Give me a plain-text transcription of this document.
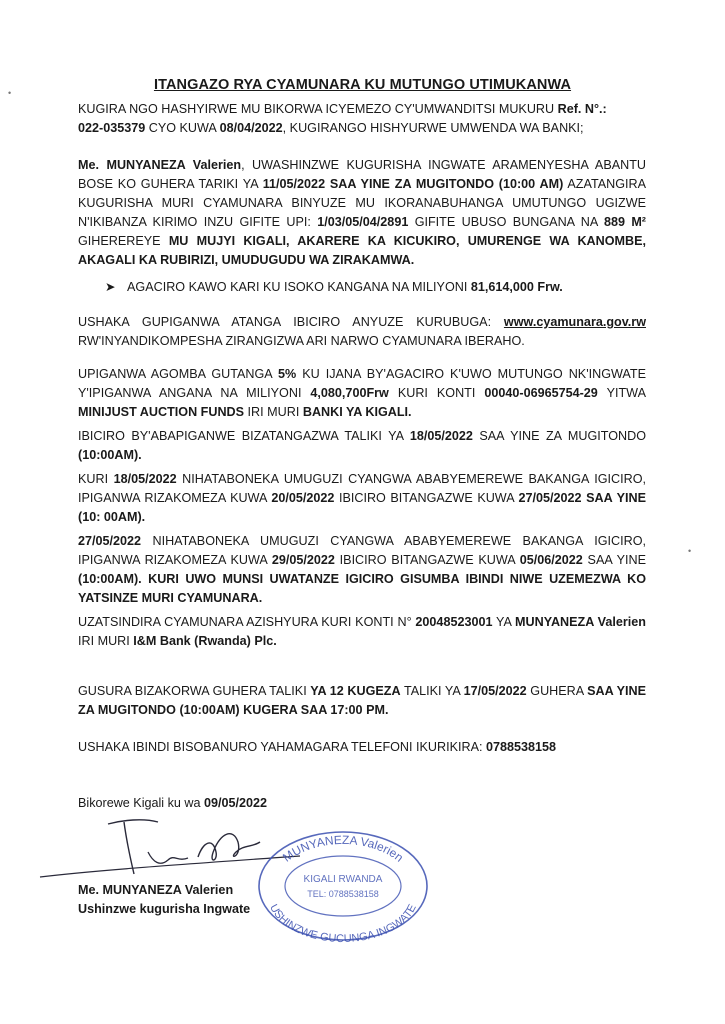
ITANGAZO RYA CYAMUNARA KU MUTUNGO UTIMUKANWA

KUGIRA NGO HASHYIRWE MU BIKORWA ICYEMEZO CY'UMWANDITSI MUKURU Ref. N°.:
022-035379 CYO KUWA 08/04/2022, KUGIRANGO HISHYURWE UMWENDA WA BANKI;

Me. MUNYANEZA Valerien, UWASHINZWE KUGURISHA INGWATE ARAMENYESHA ABANTU BOSE KO GUHERA TARIKI YA 11/05/2022 SAA YINE ZA MUGITONDO (10:00 AM) AZATANGIRA KUGURISHA MURI CYAMUNARA BINYUZE MU IKORANABUHANGA UMUTUNGO UGIZWE N'IKIBANZA KIRIMO INZU GIFITE UPI: 1/03/05/04/2891 GIFITE UBUSO BUNGANA NA 889 M² GIHEREREYE MU MUJYI KIGALI, AKARERE KA KICUKIRO, UMURENGE WA KANOMBE, AKAGALI KA RUBIRIZI, UMUDUGUDU WA ZIRAKAMWA.

➤ AGACIRO KAWO KARI KU ISOKO KANGANA NA MILIYONI 81,614,000 Frw.

USHAKA GUPIGANWA ATANGA IBICIRO ANYUZE KURUBUGA: www.cyamunara.gov.rw RW'INYANDIKOMPESHA ZIRANGIZWA ARI NARWO CYAMUNARA IBERAHO.

UPIGANWA AGOMBA GUTANGA 5% KU IJANA BY'AGACIRO K'UWO MUTUNGO NK'INGWATE Y'IPIGANWA ANGANA NA MILIYONI 4,080,700Frw KURI KONTI 00040-06965754-29 YITWA MINIJUST AUCTION FUNDS IRI MURI BANKI YA KIGALI.

IBICIRO BY'ABAPIGANWE BIZATANGAZWA TALIKI YA 18/05/2022 SAA YINE ZA MUGITONDO (10:00AM).

KURI 18/05/2022 NIHATABONEKA UMUGUZI CYANGWA ABABYEMEREWE BAKANGA IGICIRO, IPIGANWA RIZAKOMEZA KUWA 20/05/2022 IBICIRO BITANGAZWE KUWA 27/05/2022 SAA YINE (10: 00AM).

27/05/2022 NIHATABONEKA UMUGUZI CYANGWA ABABYEMEREWE BAKANGA IGICIRO, IPIGANWA RIZAKOMEZA KUWA 29/05/2022 IBICIRO BITANGAZWE KUWA 05/06/2022 SAA YINE (10:00AM). KURI UWO MUNSI UWATANZE IGICIRO GISUMBA IBINDI NIWE UZEMEZWA KO YATSINZE MURI CYAMUNARA.

UZATSINDIRA CYAMUNARA AZISHYURA KURI KONTI N° 20048523001 YA MUNYANEZA Valerien IRI MURI I&M Bank (Rwanda) Plc.

GUSURA BIZAKORWA GUHERA TALIKI YA 12 KUGEZA TALIKI YA 17/05/2022 GUHERA SAA YINE ZA MUGITONDO (10:00AM) KUGERA SAA 17:00 PM.

USHAKA IBINDI BISOBANURO YAHAMAGARA TELEFONI IKURIKIRA: 0788538158

Bikorewe Kigali ku wa 09/05/2022
Me. MUNYANEZA Valerien
Ushinzwe kugurisha Ingwate
MUNYANEZA Valerien
KIGALI RWANDA
TEL: 0788538158
USHINZWE GUCUNGA INGWATE
•
•
